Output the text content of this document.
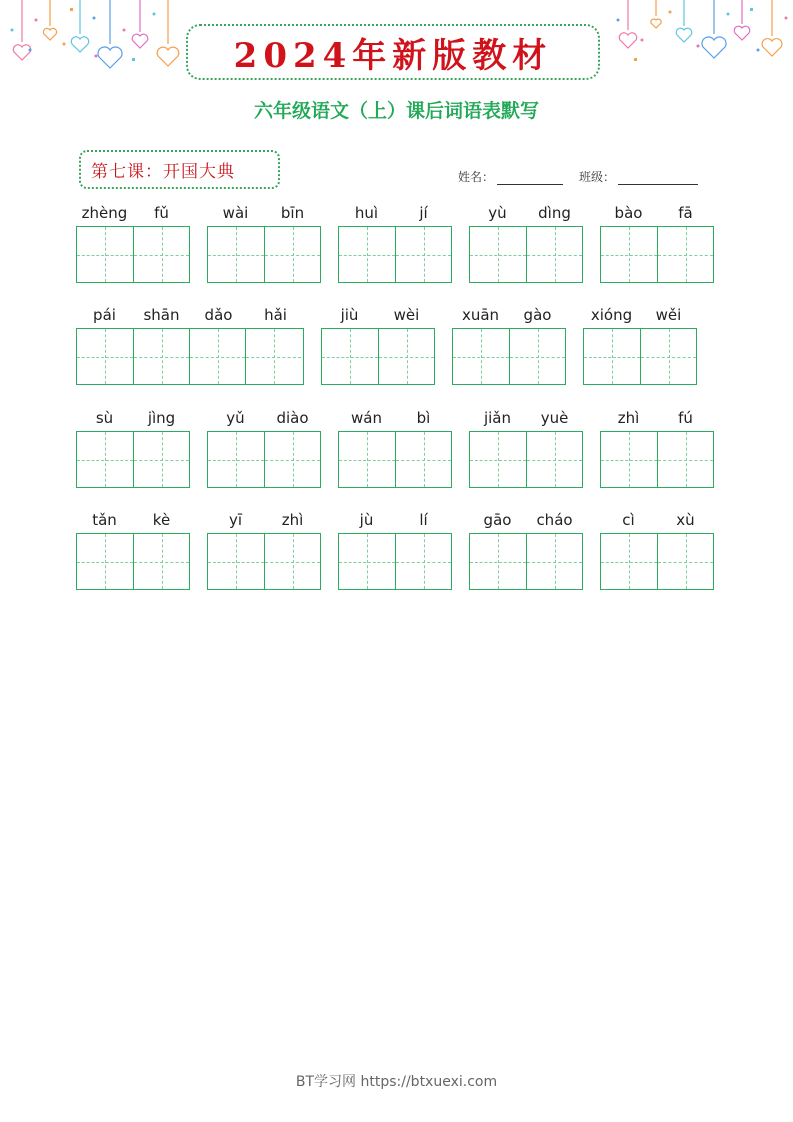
2024年新版教材
六年级语文（上）课后词语表默写
第七课：开国大典	姓名：	班级：
zhèng	fǔ	wài	bīn	huì	jí	yù	dìng	bào	fā
pái	shān	dǎo	hǎi	jiù	wèi	xuān	gào	xióng	wěi
sù	jìng	yǔ	diào	wán	bì	jiǎn	yuè	zhì	fú
tǎn	kè	yī	zhì	jù	lí	gāo	cháo	cì	xù
BT学习网 https://btxuexi.com
